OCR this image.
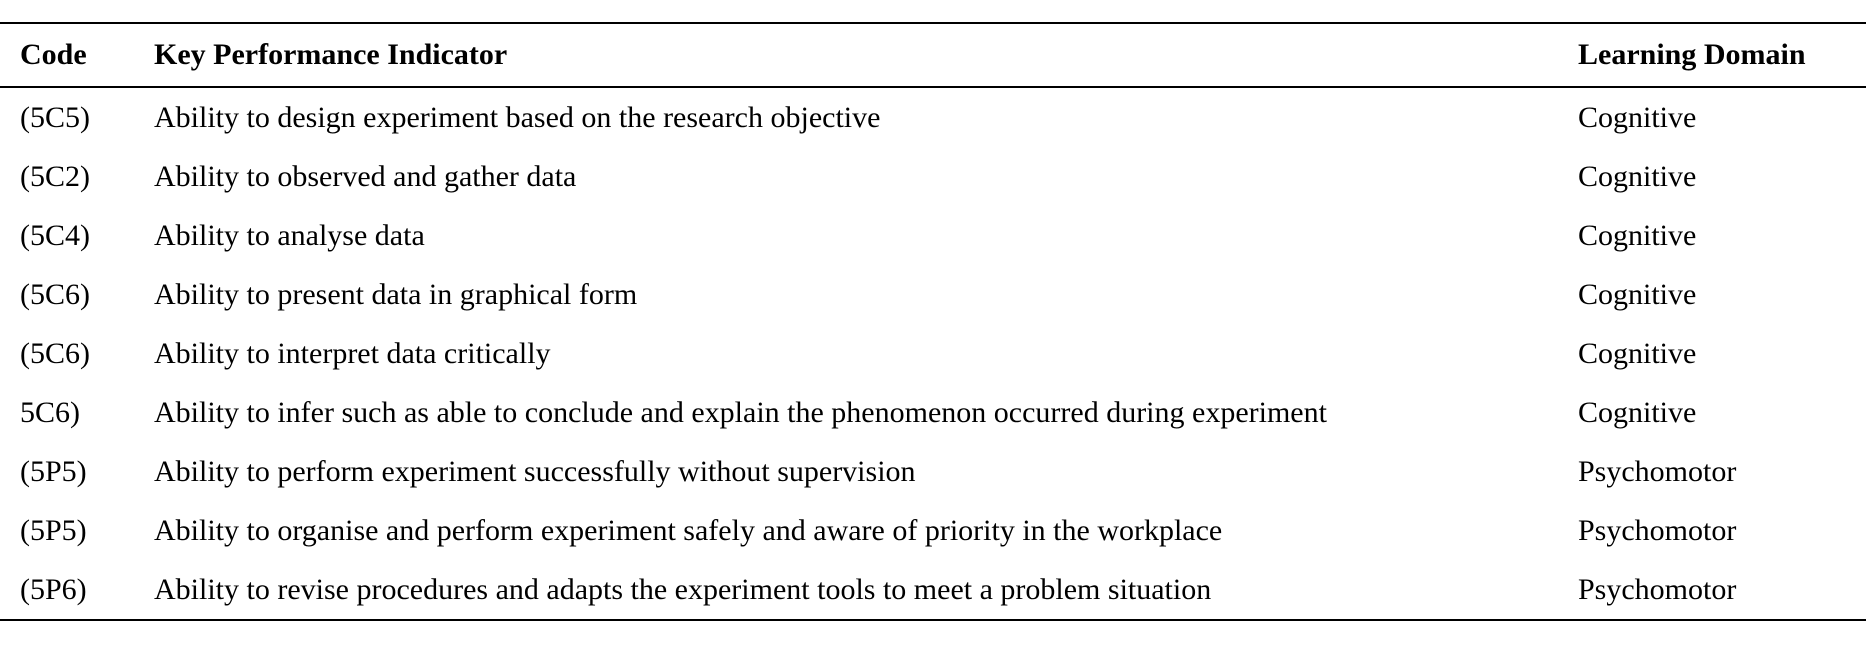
Code	Key Performance Indicator	Learning Domain
(5C5)	Ability to design experiment based on the research objective	Cognitive
(5C2)	Ability to observed and gather data	Cognitive
(5C4)	Ability to analyse data	Cognitive
(5C6)	Ability to present data in graphical form	Cognitive
(5C6)	Ability to interpret data critically	Cognitive
5C6)	Ability to infer such as able to conclude and explain the phenomenon occurred during experiment	Cognitive
(5P5)	Ability to perform experiment successfully without supervision	Psychomotor
(5P5)	Ability to organise and perform experiment safely and aware of priority in the workplace	Psychomotor
(5P6)	Ability to revise procedures and adapts the experiment tools to meet a problem situation	Psychomotor
